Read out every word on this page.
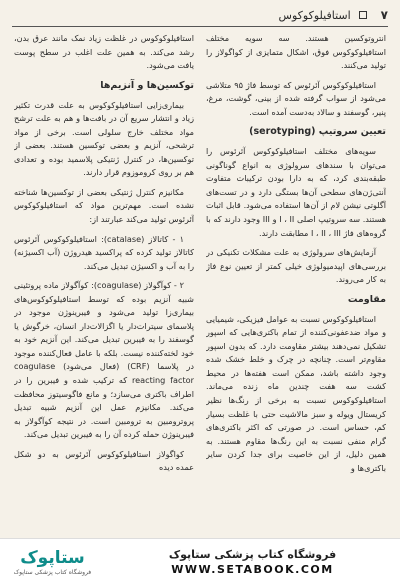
۷
استافیلوکوکوس

انتروتوکسین هستند. سه سویه مختلف استافیلوکوکوس فوق، اشکال متمایزی از کواگولاز را تولید می‌کنند.

استافیلوکوکوس آئرئوس که توسط فاژ ۹۵ متلاشی می‌شود از سواب گرفته شده از بینی، گوشت، مرغ، پنیر، گوسفند و سالاد به‌دست آمده است.

تعیین سروتیپ (serotyping)

سویه‌های مختلف استافیلوکوکوس آئرئوس را می‌توان با سندهای سرولوژی به انواع گوناگونی طبقه‌بندی کرد، که به دارا بودن ترکیبات متفاوت آنتی‌ژن‌های سطحی آن‌ها بستگی دارد و در تست‌های آگلوتی نیشن لام از آن‌ها استفاده می‌شود. قابل اثبات هستند. سه سروتیپ اصلی I ، II و III وجود دارند که با گروه‌های فاژ I ، II ، III مطابقت دارند.

آزمایش‌های سرولوژی به علت مشکلات تکنیکی در بررسی‌های اپیدمیولوژی خیلی کمتر از تعیین نوع فاژ به کار می‌روند.

مقاومت

استافیلوکوکوس نسبت به عوامل فیزیکی، شیمیایی و مواد ضدعفونی‌کننده از تمام باکتری‌هایی که اسپور تشکیل نمی‌دهند بیشتر مقاومت دارد. که بدون اسپور مقاوم‌تر است. چنانچه در چرک و خلط خشک شده وجود داشته باشد، ممکن است هفته‌ها در محیط کشت سه هفت چندین ماه زنده می‌ماند. استافیلوکوکوس نسبت به برخی از رنگ‌ها نظیر کریستال ویوله و سبز مالاشیت حتی با غلظت بسیار کم، حساس است. در صورتی که اکثر باکتری‌های گرام منفی نسبت به این رنگ‌ها مقاوم هستند. به همین دلیل، از این خاصیت برای جدا کردن سایر باکتری‌ها و

استافیلوکوکوس در غلظت زیاد نمک مانند عرق بدن، رشد می‌کند. به همین علت اغلب در سطح پوست یافت می‌شود.

توکسین‌ها و آنزیم‌ها

بیماری‌زایی استافیلوکوکوس به علت قدرت تکثیر زیاد و انتشار سریع آن در بافت‌ها و هم به علت ترشح مواد مختلف خارج سلولی است. برخی از مواد ترشحی، آنزیم و بعضی توکسین هستند. بعضی از توکسین‌ها، در کنترل ژنتیکی پلاسمید بوده و تعدادی هم بر روی کروموزوم قرار دارند.

مکانیزم کنترل ژنتیکی بعضی از توکسین‌ها شناخته نشده است. مهم‌ترین مواد که استافیلوکوکوس آئرئوس تولید می‌کند عبارتند از:

۱ - کاتالاز (catalase): استافیلوکوکوس آئرئوس کاتالاز تولید کرده که پراکسید هیدروژن (آب اکسیژنه) را به آب و اکسیژن تبدیل می‌کند.

۲ - کوآگولاز (coagulase): کوآگولاز ماده پروتئینی شبیه آنزیم بوده که توسط استافیلوکوکوس‌های بیماری‌زا تولید می‌شود و فیبرینوژن موجود در پلاسمای سیترات‌دار یا اگزالات‌دار انسان، خرگوش یا گوسفند را به فیبرین تبدیل می‌کند. این آنزیم خود به خود لخته‌کننده نیست. بلکه با عامل فعال‌کننده موجود در پلاسما (CRF) (فعال می‌شود) coagulase reacting factor که ترکیب شده و فیبرین را در اطراف باکتری می‌سازد؛ و مانع فاگوسیتوز محافظت می‌کند. مکانیزم عمل این آنزیم شبیه تبدیل پروترومبین به ترومبین است. در نتیجه کوآگولاز به فیبرینوژن حمله کرده آن را به فیبرین تبدیل می‌کند.

کواگولاز استافیلوکوکوس آئرئوس به دو شکل عمده دیده

ستاپوک
فروشگاه کتاب پزشکی ستاپوک
فروشگاه کتاب پزشکی ستاپوک
WWW.SETABOOK.COM
